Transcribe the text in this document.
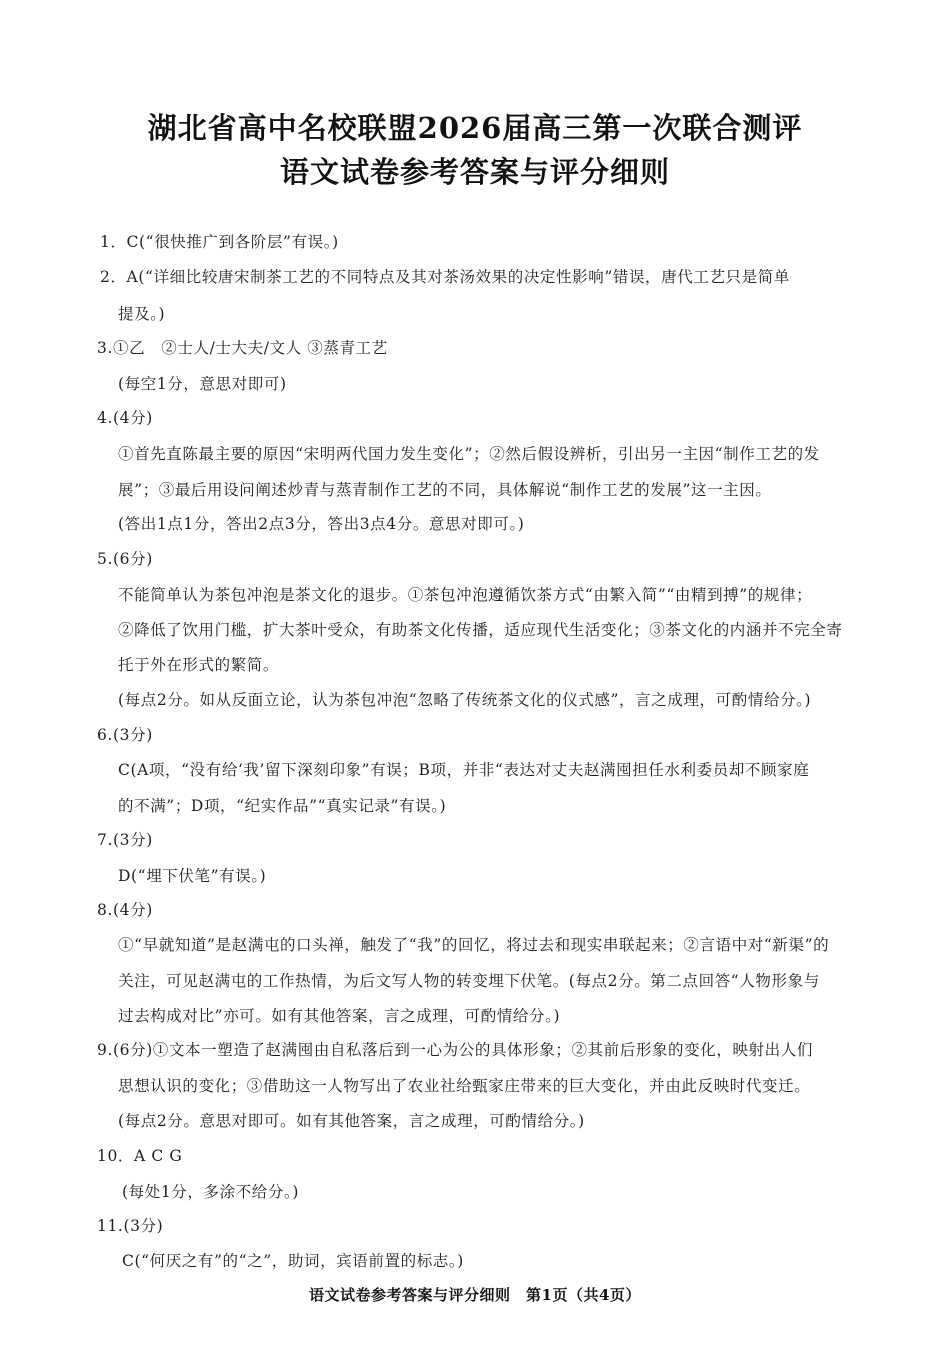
湖北省高中名校联盟2026届高三第一次联合测评
语文试卷参考答案与评分细则
1．C(“很快推广到各阶层”有误。)
2．A(“详细比较唐宋制茶工艺的不同特点及其对茶汤效果的决定性影响”错误，唐代工艺只是简单
提及。)
3.①乙　②士人/士大夫/文人 ③蒸青工艺
(每空1分，意思对即可)
4.(4分)
①首先直陈最主要的原因“宋明两代国力发生变化”；②然后假设辨析，引出另一主因“制作工艺的发
展”；③最后用设问阐述炒青与蒸青制作工艺的不同，具体解说“制作工艺的发展”这一主因。
(答出1点1分，答出2点3分，答出3点4分。意思对即可。)
5.(6分)
不能简单认为茶包冲泡是茶文化的退步。①茶包冲泡遵循饮茶方式“由繁入简”“由精到搏”的规律；
②降低了饮用门槛，扩大茶叶受众，有助茶文化传播，适应现代生活变化；③茶文化的内涵并不完全寄
托于外在形式的繁简。
(每点2分。如从反面立论，认为茶包冲泡“忽略了传统茶文化的仪式感”，言之成理，可酌情给分。)
6.(3分)
C(A项，“没有给‘我’留下深刻印象”有误；B项，并非“表达对丈夫赵满囤担任水利委员却不顾家庭
的不满”；D项，“纪实作品”“真实记录”有误。)
7.(3分)
D(“埋下伏笔”有误。)
8.(4分)
①“早就知道”是赵满屯的口头禅，触发了“我”的回忆，将过去和现实串联起来；②言语中对“新渠”的
关注，可见赵满屯的工作热情，为后文写人物的转变埋下伏笔。(每点2分。第二点回答“人物形象与
过去构成对比”亦可。如有其他答案，言之成理，可酌情给分。)
9.(6分)①文本一塑造了赵满囤由自私落后到一心为公的具体形象；②其前后形象的变化，映射出人们
思想认识的变化；③借助这一人物写出了农业社给甄家庄带来的巨大变化，并由此反映时代变迁。
(每点2分。意思对即可。如有其他答案，言之成理，可酌情给分。)
10．A C G
(每处1分，多涂不给分。)
11.(3分)
C(“何厌之有”的“之”，助词，宾语前置的标志。)
语文试卷参考答案与评分细则　第1页（共4页）
